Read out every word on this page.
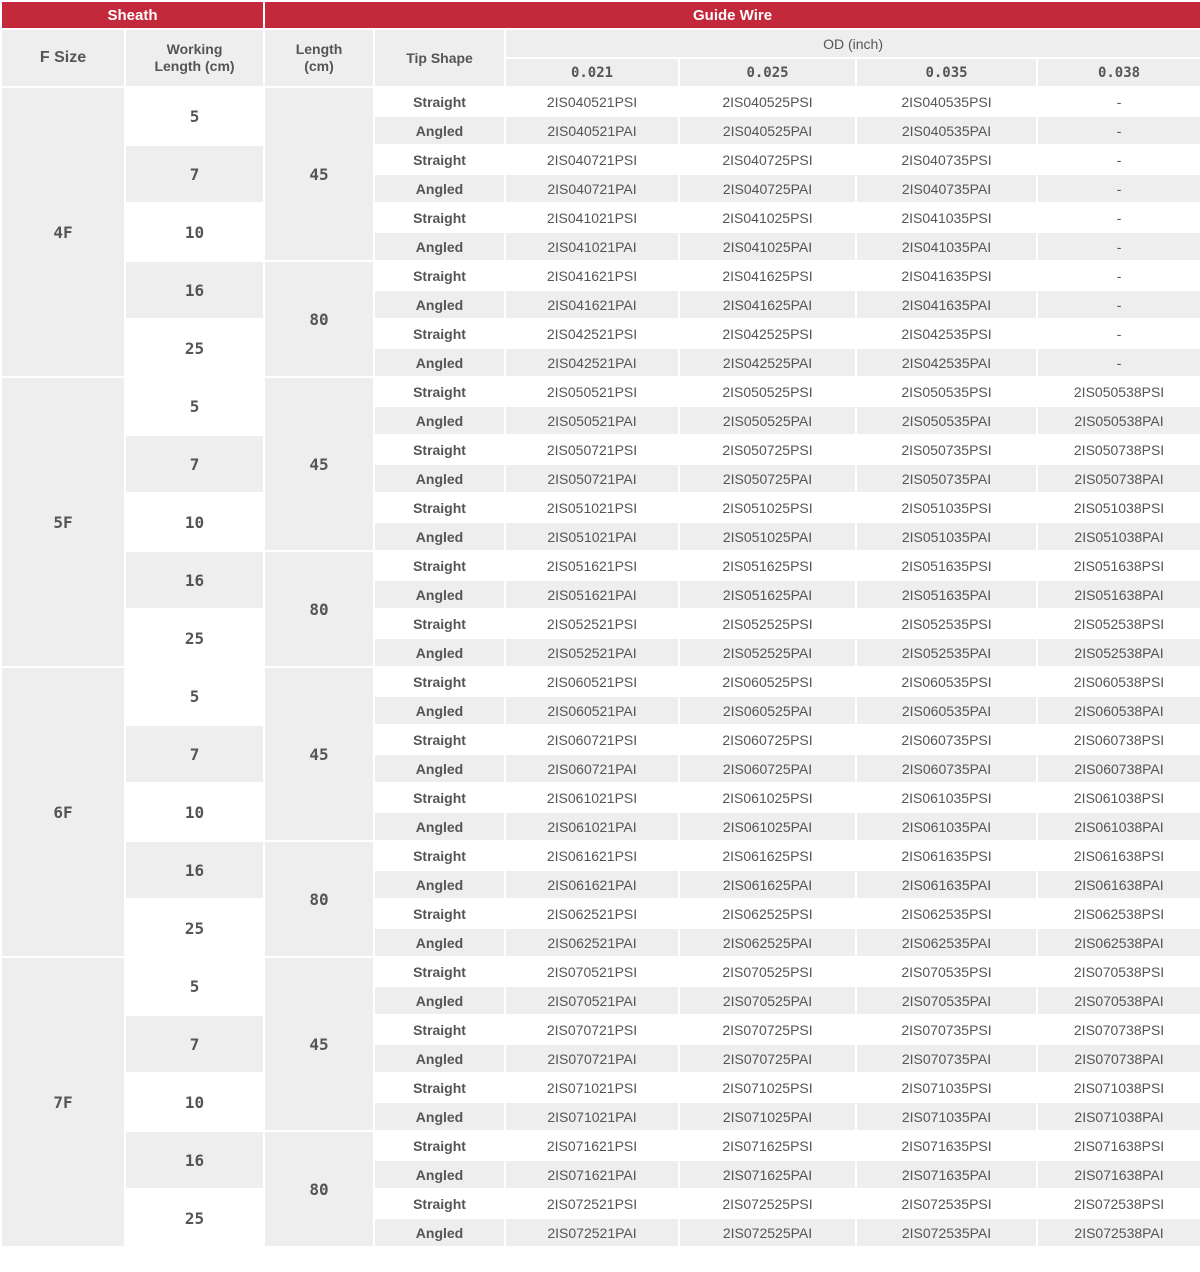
Sheath		Guide Wire					
F Size	Working Length (cm)	Length (cm)	Tip Shape	OD (inch)			
				0.021	0.025	0.035	0.038
4F	5	45	Straight	2IS040521PSI	2IS040525PSI	2IS040535PSI	-
			Angled	2IS040521PAI	2IS040525PAI	2IS040535PAI	-
	7		Straight	2IS040721PSI	2IS040725PSI	2IS040735PSI	-
			Angled	2IS040721PAI	2IS040725PAI	2IS040735PAI	-
	10		Straight	2IS041021PSI	2IS041025PSI	2IS041035PSI	-
			Angled	2IS041021PAI	2IS041025PAI	2IS041035PAI	-
	16	80	Straight	2IS041621PSI	2IS041625PSI	2IS041635PSI	-
			Angled	2IS041621PAI	2IS041625PAI	2IS041635PAI	-
	25		Straight	2IS042521PSI	2IS042525PSI	2IS042535PSI	-
			Angled	2IS042521PAI	2IS042525PAI	2IS042535PAI	-
5F	5	45	Straight	2IS050521PSI	2IS050525PSI	2IS050535PSI	2IS050538PSI
			Angled	2IS050521PAI	2IS050525PAI	2IS050535PAI	2IS050538PAI
	7		Straight	2IS050721PSI	2IS050725PSI	2IS050735PSI	2IS050738PSI
			Angled	2IS050721PAI	2IS050725PAI	2IS050735PAI	2IS050738PAI
	10		Straight	2IS051021PSI	2IS051025PSI	2IS051035PSI	2IS051038PSI
			Angled	2IS051021PAI	2IS051025PAI	2IS051035PAI	2IS051038PAI
	16	80	Straight	2IS051621PSI	2IS051625PSI	2IS051635PSI	2IS051638PSI
			Angled	2IS051621PAI	2IS051625PAI	2IS051635PAI	2IS051638PAI
	25		Straight	2IS052521PSI	2IS052525PSI	2IS052535PSI	2IS052538PSI
			Angled	2IS052521PAI	2IS052525PAI	2IS052535PAI	2IS052538PAI
6F	5	45	Straight	2IS060521PSI	2IS060525PSI	2IS060535PSI	2IS060538PSI
			Angled	2IS060521PAI	2IS060525PAI	2IS060535PAI	2IS060538PAI
	7		Straight	2IS060721PSI	2IS060725PSI	2IS060735PSI	2IS060738PSI
			Angled	2IS060721PAI	2IS060725PAI	2IS060735PAI	2IS060738PAI
	10		Straight	2IS061021PSI	2IS061025PSI	2IS061035PSI	2IS061038PSI
			Angled	2IS061021PAI	2IS061025PAI	2IS061035PAI	2IS061038PAI
	16	80	Straight	2IS061621PSI	2IS061625PSI	2IS061635PSI	2IS061638PSI
			Angled	2IS061621PAI	2IS061625PAI	2IS061635PAI	2IS061638PAI
	25		Straight	2IS062521PSI	2IS062525PSI	2IS062535PSI	2IS062538PSI
			Angled	2IS062521PAI	2IS062525PAI	2IS062535PAI	2IS062538PAI
7F	5	45	Straight	2IS070521PSI	2IS070525PSI	2IS070535PSI	2IS070538PSI
			Angled	2IS070521PAI	2IS070525PAI	2IS070535PAI	2IS070538PAI
	7		Straight	2IS070721PSI	2IS070725PSI	2IS070735PSI	2IS070738PSI
			Angled	2IS070721PAI	2IS070725PAI	2IS070735PAI	2IS070738PAI
	10		Straight	2IS071021PSI	2IS071025PSI	2IS071035PSI	2IS071038PSI
			Angled	2IS071021PAI	2IS071025PAI	2IS071035PAI	2IS071038PAI
	16	80	Straight	2IS071621PSI	2IS071625PSI	2IS071635PSI	2IS071638PSI
			Angled	2IS071621PAI	2IS071625PAI	2IS071635PAI	2IS071638PAI
	25		Straight	2IS072521PSI	2IS072525PSI	2IS072535PSI	2IS072538PSI
			Angled	2IS072521PAI	2IS072525PAI	2IS072535PAI	2IS072538PAI
